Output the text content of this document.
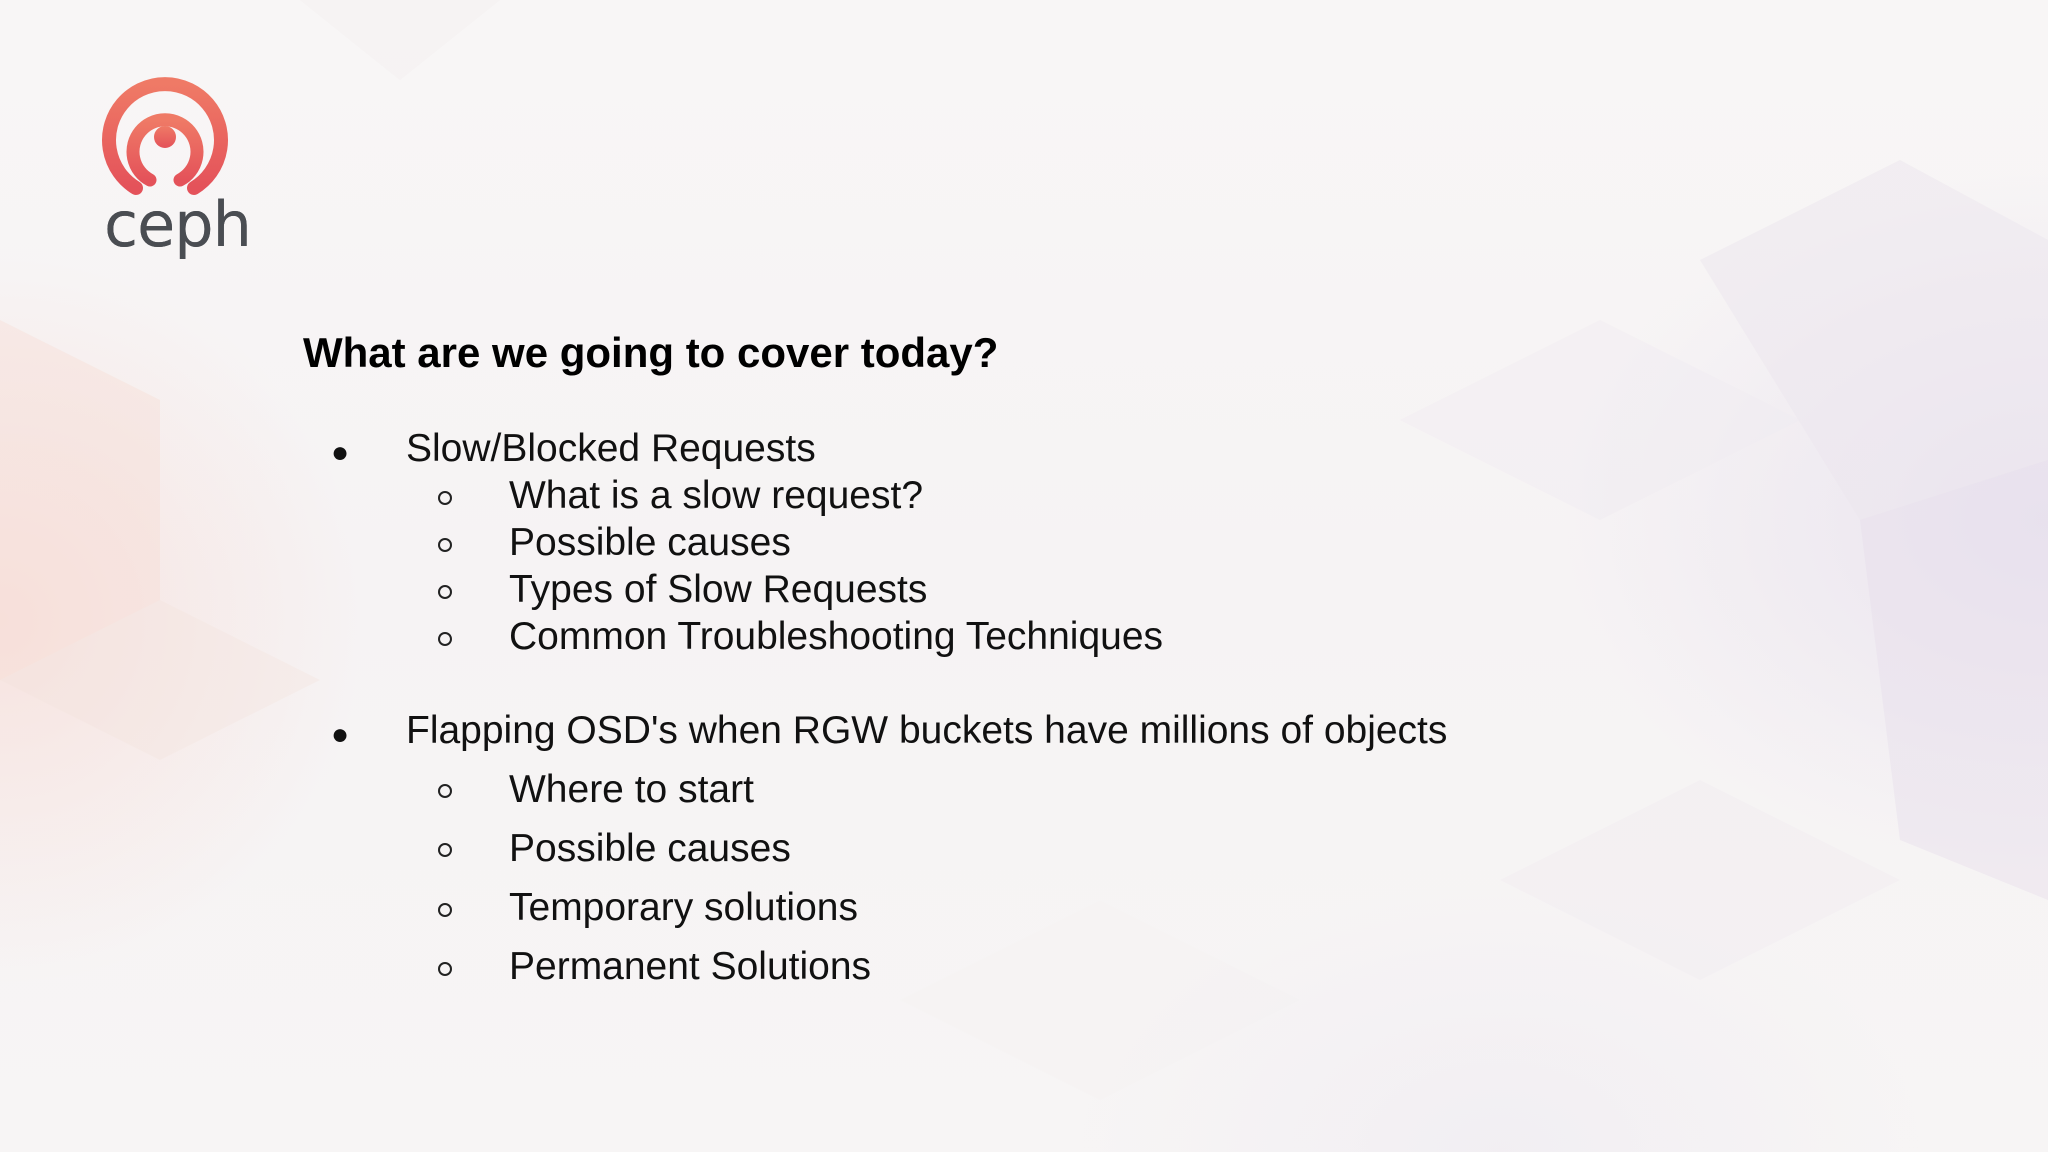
ceph
What are we going to cover today?
● Slow/Blocked Requests
What is a slow request?
Possible causes
Types of Slow Requests
Common Troubleshooting Techniques
● Flapping OSD's when RGW buckets have millions of objects
Where to start
Possible causes
Temporary solutions
Permanent Solutions
